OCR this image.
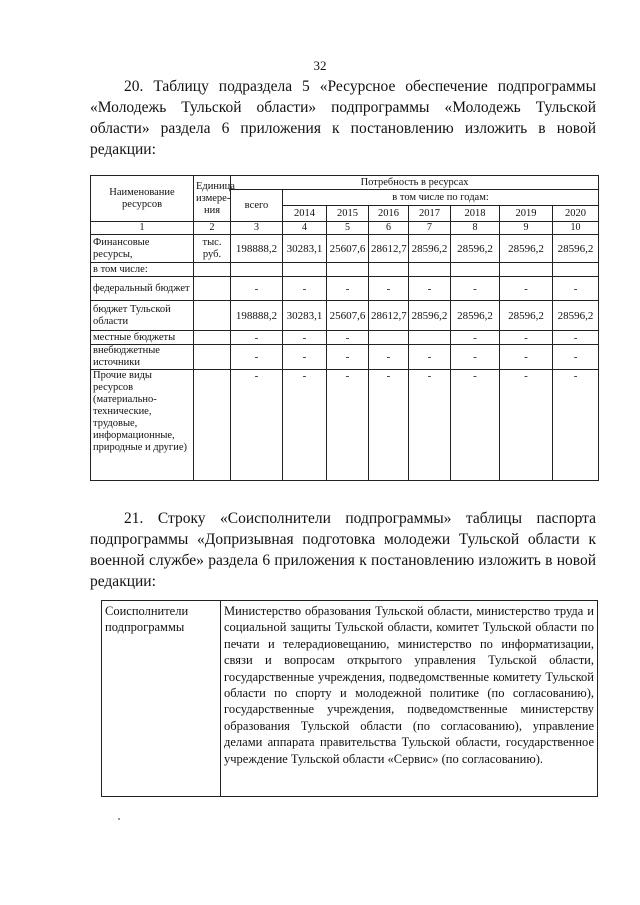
32
20. Таблицу подраздела 5 «Ресурсное обеспечение подпрограммы «Молодежь Тульской области» подпрограммы «Молодежь Тульской области» раздела 6 приложения к постановлению изложить в новой редакции:
Наименование ресурсов	Единица измере-ния	Потребность в ресурсах							
		всего	в том числе по годам:						
			2014	2015	2016	2017	2018	2019	2020
1	2	3	4	5	6	7	8	9	10
Финансовые ресурсы,	тыс. руб.	198888,2	30283,1	25607,6	28612,7	28596,2	28596,2	28596,2	28596,2
в том числе:									
федеральный бюджет		-	-	-	-	-	-	-	-
бюджет Тульской области		198888,2	30283,1	25607,6	28612,7	28596,2	28596,2	28596,2	28596,2
местные бюджеты		-	-	-			-	-	-
внебюджетные источники		-	-	-	-	-	-	-	-
Прочие виды ресурсов (материально-технические, трудовые, информационные, природные и другие)		-	-	-	-	-	-	-	-
21. Строку «Соисполнители подпрограммы» таблицы паспорта подпрограммы «Допризывная подготовка молодежи Тульской области к военной службе» раздела 6 приложения к постановлению изложить в новой редакции:
Соисполнители подпрограммы	Министерство образования Тульской области, министерство труда и социальной защиты Тульской области, комитет Тульской области по печати и телерадиовещанию, министерство по информатизации, связи и вопросам открытого управления Тульской области, государственные учреждения, подведомственные комитету Тульской области по спорту и молодежной политике (по согласованию), государственные учреждения, подведомственные министерству образования Тульской области (по согласованию), управление делами аппарата правительства Тульской области, государственное учреждение Тульской области «Сервис» (по согласованию).
